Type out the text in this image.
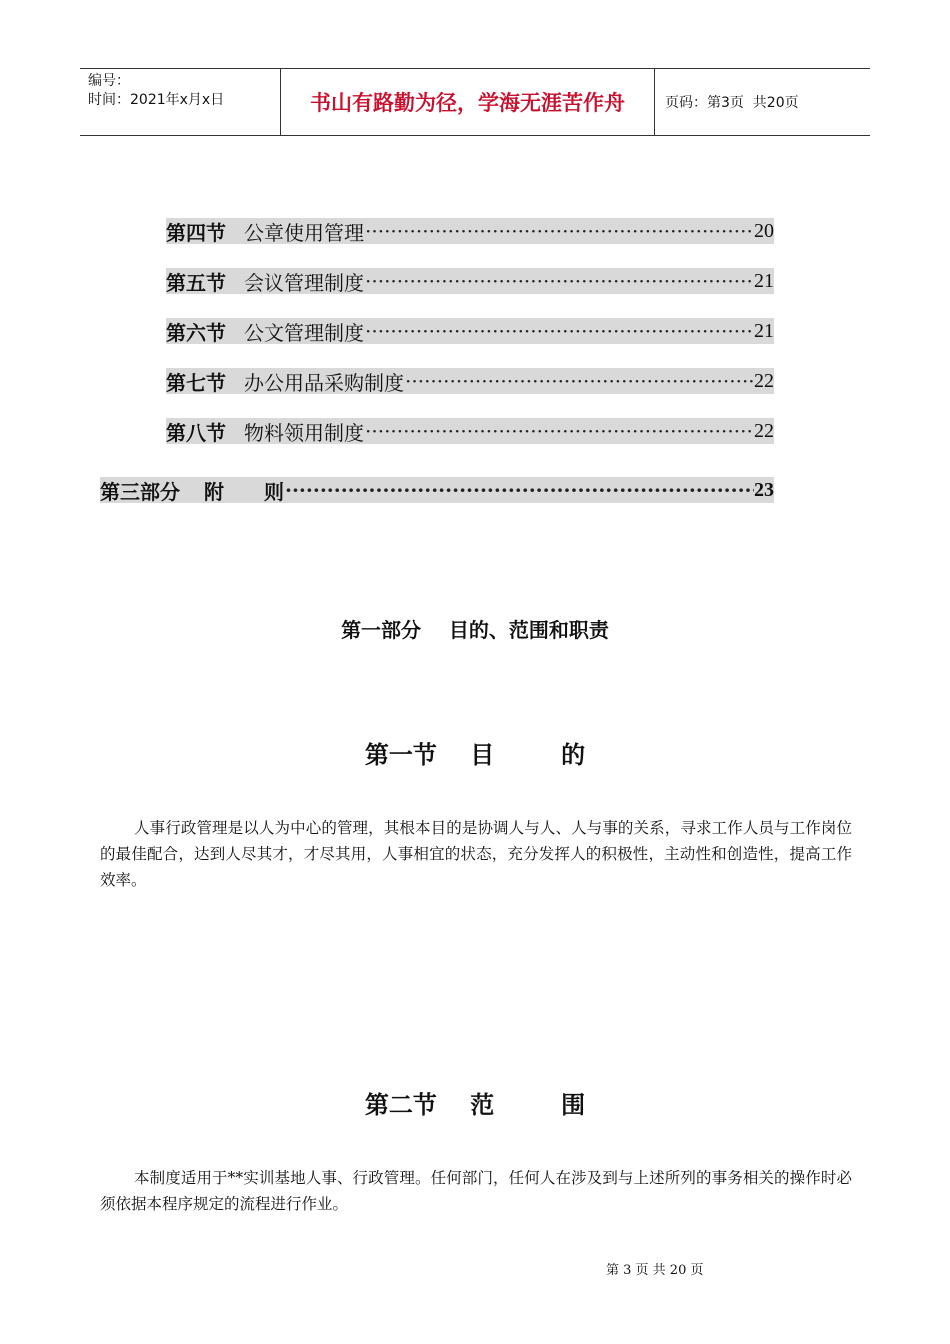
编号：
时间：2021年x月x日	书山有路勤为径，学海无涯苦作舟	页码：第3页  共20页
第四节 公章使用管理 ·····	20
第五节 会议管理制度 ·····	21
第六节 公文管理制度 ·····	21
第七节 办公用品采购制度 ·····	22
第八节 物料领用制度 ·····	22
第三部分 附　　则 ·····	23
第一部分    目的、范围和职责
第一节    目        的
人事行政管理是以人为中心的管理，其根本目的是协调人与人、人与事的关系，寻求工作人员与工作岗位的最佳配合，达到人尽其才，才尽其用，人事相宜的状态，充分发挥人的积极性，主动性和创造性，提高工作效率。
第二节    范        围
本制度适用于**实训基地人事、行政管理。任何部门，任何人在涉及到与上述所列的事务相关的操作时必须依据本程序规定的流程进行作业。
第 3 页 共 20 页
